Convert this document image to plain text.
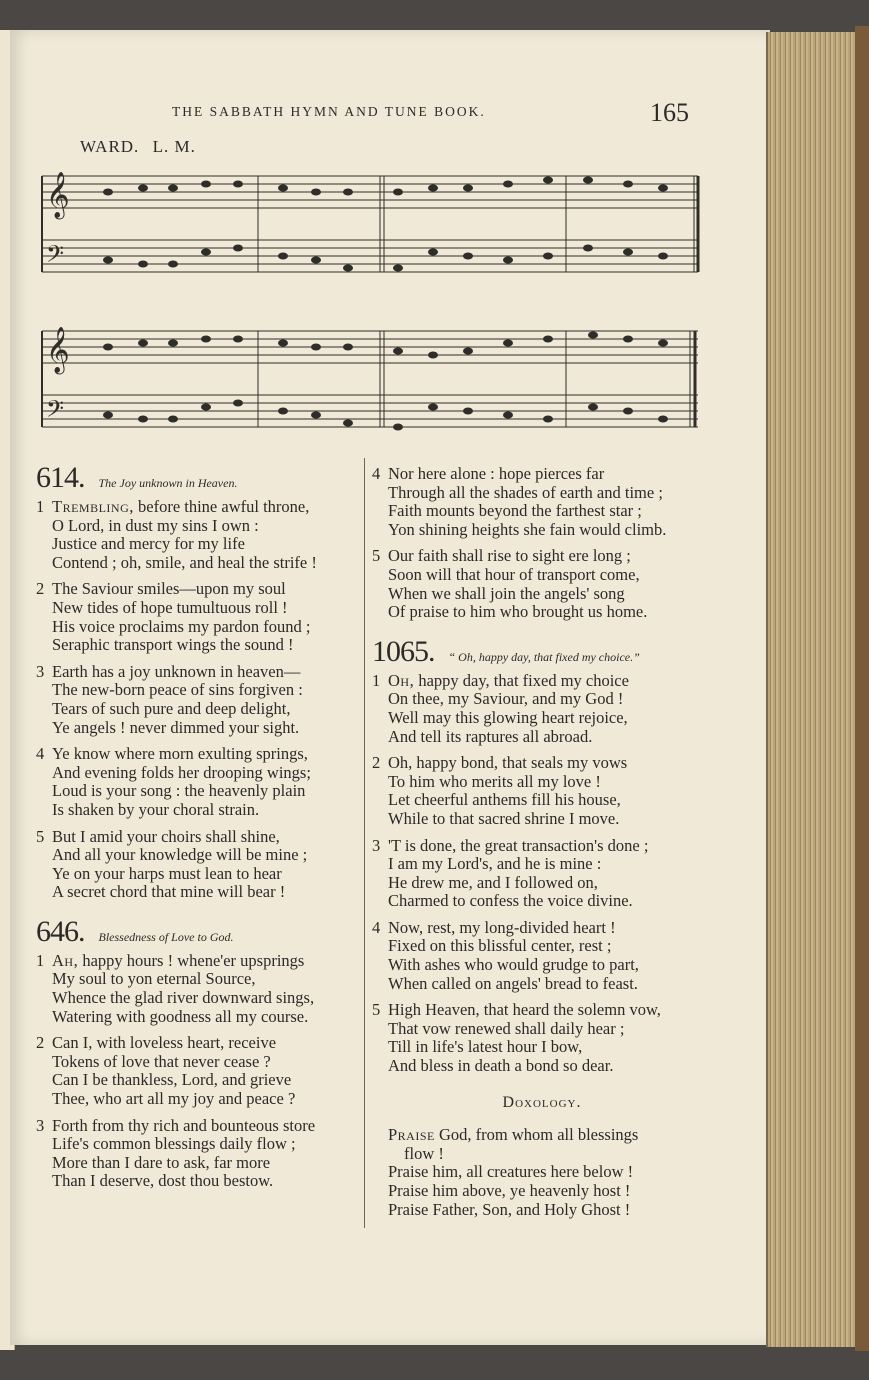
THE SABBATH HYMN AND TUNE BOOK.	165
WARD. L. M.
𝄞
𝄢
𝄞
𝄢
614. The Joy unknown in Heaven.
1 Trembling, before thine awful throne,
O Lord, in dust my sins I own :
Justice and mercy for my life
Contend ; oh, smile, and heal the strife !
2 The Saviour smiles—upon my soul
New tides of hope tumultuous roll !
His voice proclaims my pardon found ;
Seraphic transport wings the sound !
3 Earth has a joy unknown in heaven—
The new-born peace of sins forgiven :
Tears of such pure and deep delight,
Ye angels ! never dimmed your sight.
4 Ye know where morn exulting springs,
And evening folds her drooping wings;
Loud is your song : the heavenly plain
Is shaken by your choral strain.
5 But I amid your choirs shall shine,
And all your knowledge will be mine ;
Ye on your harps must lean to hear
A secret chord that mine will bear !
646. Blessedness of Love to God.
1 Ah, happy hours ! whene'er upsprings
My soul to yon eternal Source,
Whence the glad river downward sings,
Watering with goodness all my course.
2 Can I, with loveless heart, receive
Tokens of love that never cease ?
Can I be thankless, Lord, and grieve
Thee, who art all my joy and peace ?
3 Forth from thy rich and bounteous store
Life's common blessings daily flow ;
More than I dare to ask, far more
Than I deserve, dost thou bestow.
4 Nor here alone : hope pierces far
Through all the shades of earth and time ;
Faith mounts beyond the farthest star ;
Yon shining heights she fain would climb.
5 Our faith shall rise to sight ere long ;
Soon will that hour of transport come,
When we shall join the angels' song
Of praise to him who brought us home.
1065. “ Oh, happy day, that fixed my choice.”
1 Oh, happy day, that fixed my choice
On thee, my Saviour, and my God !
Well may this glowing heart rejoice,
And tell its raptures all abroad.
2 Oh, happy bond, that seals my vows
To him who merits all my love !
Let cheerful anthems fill his house,
While to that sacred shrine I move.
3 'T is done, the great transaction's done ;
I am my Lord's, and he is mine :
He drew me, and I followed on,
Charmed to confess the voice divine.
4 Now, rest, my long-divided heart !
Fixed on this blissful center, rest ;
With ashes who would grudge to part,
When called on angels' bread to feast.
5 High Heaven, that heard the solemn vow,
That vow renewed shall daily hear ;
Till in life's latest hour I bow,
And bless in death a bond so dear.
Doxology.
Praise God, from whom all blessings
flow !
Praise him, all creatures here below !
Praise him above, ye heavenly host !
Praise Father, Son, and Holy Ghost !
